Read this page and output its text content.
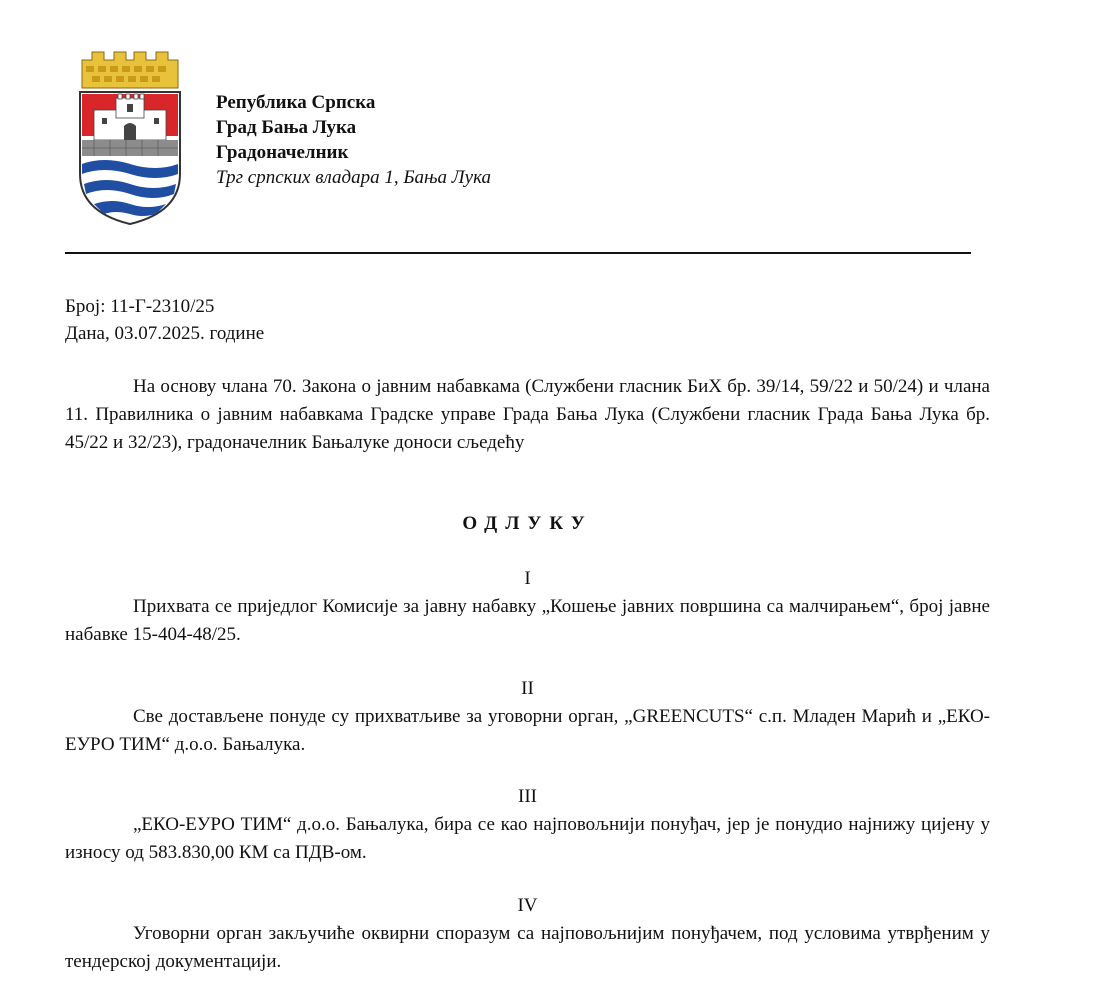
Република Српска
Град Бања Лука
Градоначелник
Трг српских владара 1, Бања Лука
Број: 11-Г-2310/25
Дана, 03.07.2025. године
На основу члана 70. Закона о јавним набавкама (Службени гласник БиХ бр. 39/14, 59/22 и 50/24) и члана 11. Правилника о јавним набавкама Градске управе Града Бања Лука (Службени гласник Града Бања Лука бр. 45/22 и 32/23), градоначелник Бањалуке доноси сљедећу
ОДЛУКУ
I
Прихвата се приједлог Комисије за јавну набавку „Кошење јавних површина са малчирањем“, број јавне набавке 15-404-48/25.
II
Све достављене понуде су прихватљиве за уговорни орган, „GREENCUTS“ с.п. Младен Марић и „ЕКО-ЕУРО ТИМ“ д.о.о. Бањалука.
III
„ЕКО-ЕУРО ТИМ“ д.о.о. Бањалука, бира се као најповољнији понуђач, јер је понудио најнижу цијену у износу од 583.830,00 КМ са ПДВ-ом.
IV
Уговорни орган закључиће оквирни споразум са најповољнијим понуђачем, под условима утврђеним у тендерској документацији.
